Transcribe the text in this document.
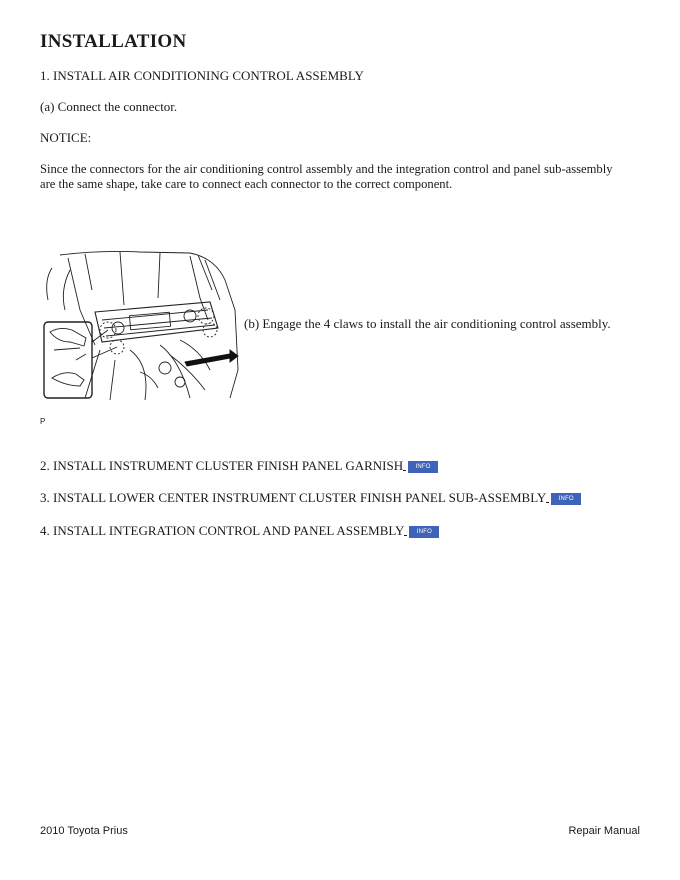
INSTALLATION
1. INSTALL AIR CONDITIONING CONTROL ASSEMBLY
(a) Connect the connector.
NOTICE:
Since the connectors for the air conditioning control assembly and the integration control and panel sub-assembly are the same shape, take care to connect each connector to the correct component.
(b) Engage the 4 claws to install the air conditioning control assembly.
P
2. INSTALL INSTRUMENT CLUSTER FINISH PANEL GARNISH INFO
3. INSTALL LOWER CENTER INSTRUMENT CLUSTER FINISH PANEL SUB-ASSEMBLY INFO
4. INSTALL INTEGRATION CONTROL AND PANEL ASSEMBLY INFO
2010 Toyota Prius	Repair Manual
